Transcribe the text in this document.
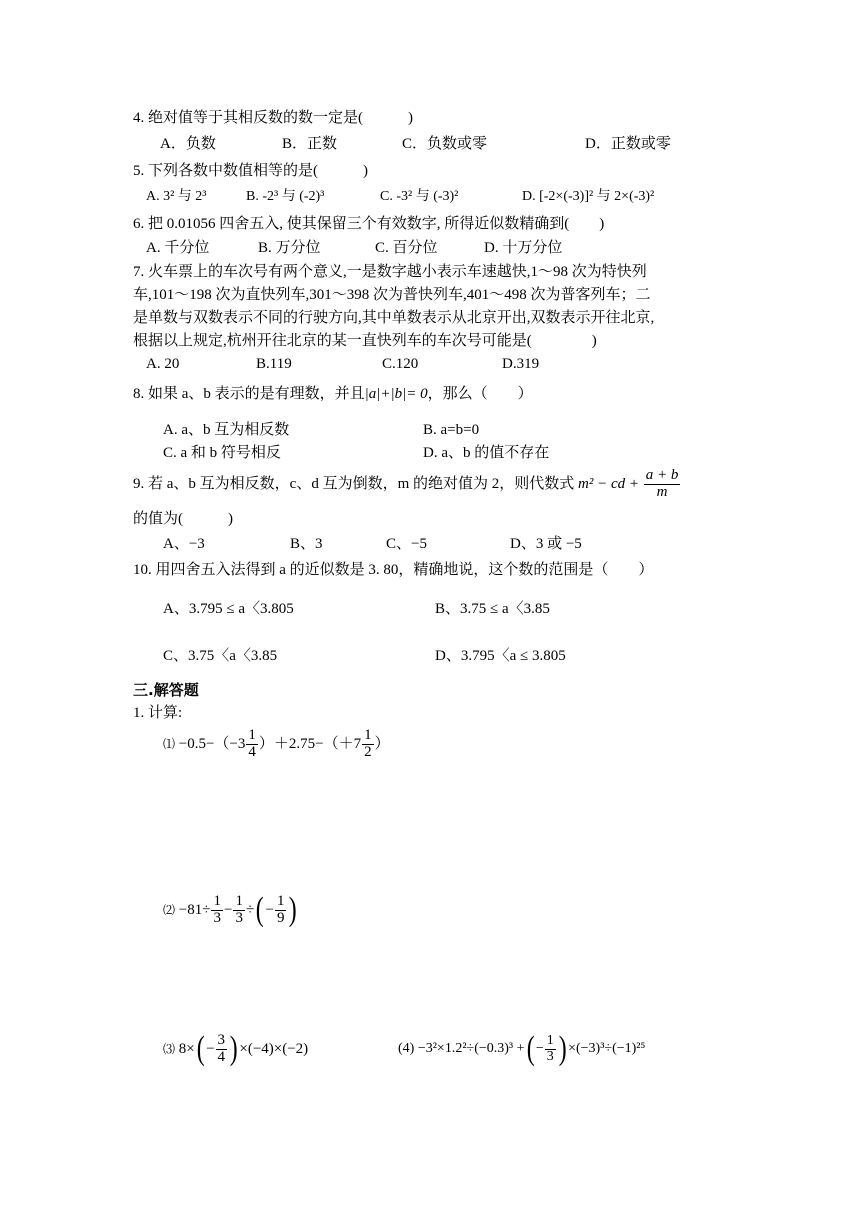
4. 绝对值等于其相反数的数一定是(　　　)
A．负数	B．正数	C．负数或零	D．正数或零
5. 下列各数中数值相等的是(　　　)
A. 3² 与 2³	B. -2³ 与 (-2)³	C. -3² 与 (-3)²	D. [-2×(-3)]² 与 2×(-3)²
6. 把 0.01056 四舍五入, 使其保留三个有效数字, 所得近似数精确到(　　)
A. 千分位	B. 万分位	C. 百分位	D. 十万分位
7. 火车票上的车次号有两个意义,一是数字越小表示车速越快,1～98 次为特快列
车,101～198 次为直快列车,301～398 次为普快列车,401～498 次为普客列车；二
是单数与双数表示不同的行驶方向,其中单数表示从北京开出,双数表示开往北京,
根据以上规定,杭州开往北京的某一直快列车的车次号可能是(　　　　)
A. 20	B.119	C.120	D.319
8. 如果 a、b 表示的是有理数，并且|a|+|b|= 0，那么（　　）
A. a、b 互为相反数	B. a=b=0
C. a 和 b 符号相反	D. a、b 的值不存在
9. 若 a、b 互为相反数，c、d 互为倒数，m 的绝对值为 2，则代数式 m² − cd + $\frac{a + b}{m}$
的值为(　　　)
A、−3	B、3	C、−5	D、3 或 −5
10. 用四舍五入法得到 a 的近似数是 3. 80，精确地说，这个数的范围是（　　）
A、3.795 ≤ a〈3.805	B、3.75 ≤ a〈3.85
C、3.75〈a〈3.85	D、3.795〈a ≤ 3.805
三.解答题
1. 计算:
⑴ $-0.5-(-3 \frac{1}{4} )+2.75-(+7 \frac{1}{2}$ ）
⑵ $-81\div \frac{1}{3} - \frac{1}{3}$ ÷( − $\frac{1}{9}$ )
⑶ $8\times( - \frac{3}{4}$ ) ×(−4)×(−2)	(4) −3²×1.2²÷(−0.3)³ +( − $\frac{1}{3}$ ) ×(−3)³÷(−1)²⁵
